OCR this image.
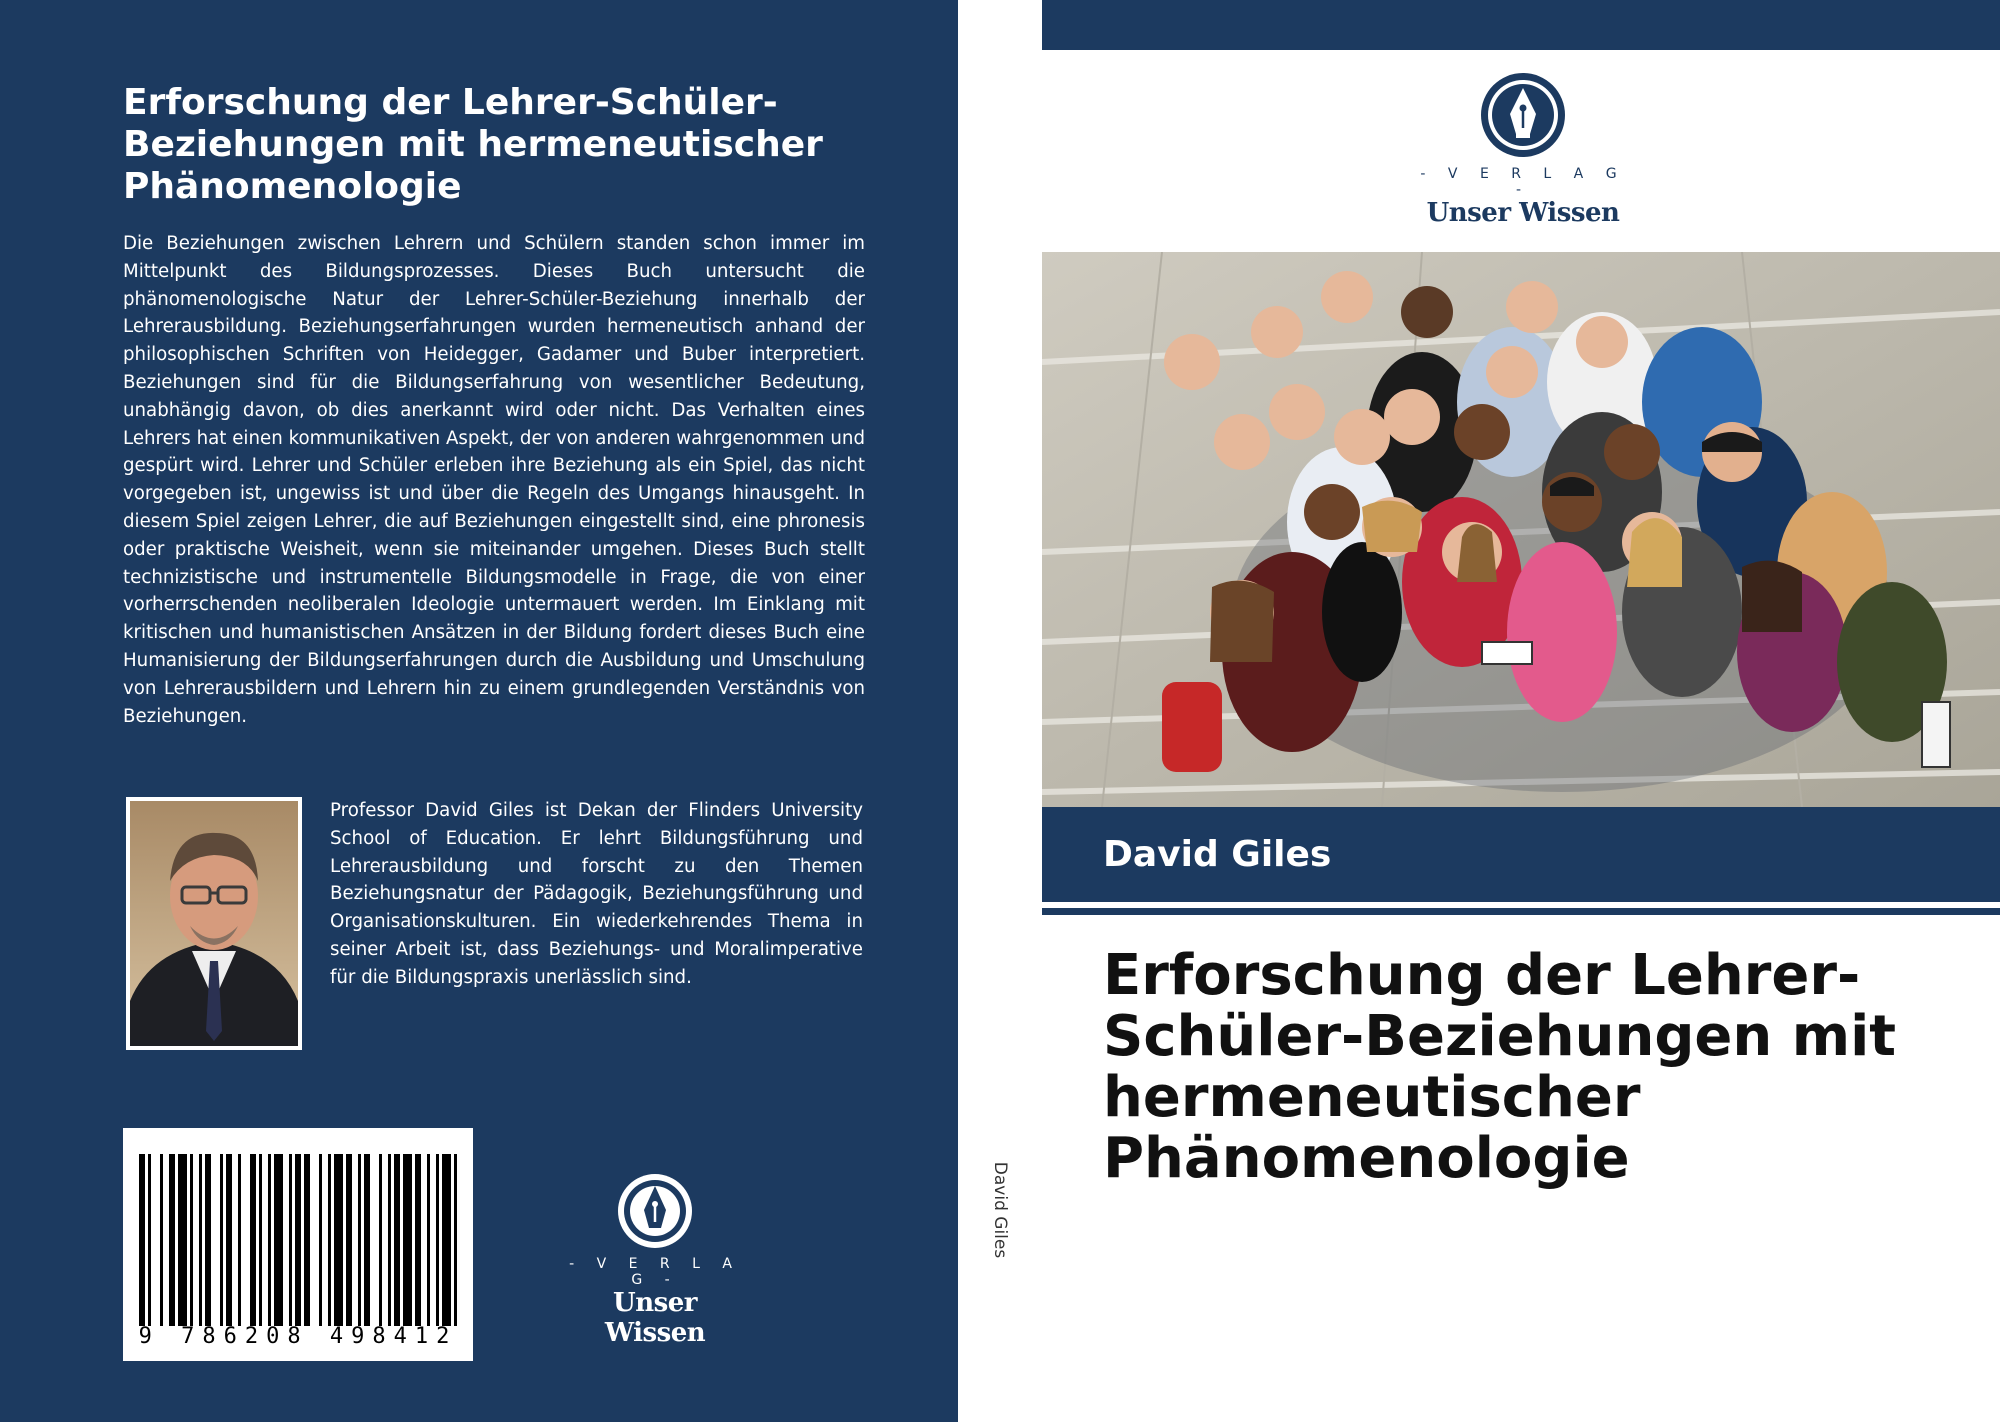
Erforschung der Lehrer-Schüler-Beziehungen mit hermeneutischer Phänomenologie

Die Beziehungen zwischen Lehrern und Schülern standen schon immer im Mittelpunkt des Bildungsprozesses. Dieses Buch untersucht die phänomenologische Natur der Lehrer-Schüler-Beziehung innerhalb der Lehrerausbildung. Beziehungserfahrungen wurden hermeneutisch anhand der philosophischen Schriften von Heidegger, Gadamer und Buber interpretiert. Beziehungen sind für die Bildungserfahrung von wesentlicher Bedeutung, unabhängig davon, ob dies anerkannt wird oder nicht. Das Verhalten eines Lehrers hat einen kommunikativen Aspekt, der von anderen wahrgenommen und gespürt wird. Lehrer und Schüler erleben ihre Beziehung als ein Spiel, das nicht vorgegeben ist, ungewiss ist und über die Regeln des Umgangs hinausgeht. In diesem Spiel zeigen Lehrer, die auf Beziehungen eingestellt sind, eine phronesis oder praktische Weisheit, wenn sie miteinander umgehen. Dieses Buch stellt technizistische und instrumentelle Bildungsmodelle in Frage, die von einer vorherrschenden neoliberalen Ideologie untermauert werden. Im Einklang mit kritischen und humanistischen Ansätzen in der Bildung fordert dieses Buch eine Humanisierung der Bildungserfahrungen durch die Ausbildung und Umschulung von Lehrerausbildern und Lehrern hin zu einem grundlegenden Verständnis von Beziehungen.

Professor David Giles ist Dekan der Flinders University School of Education. Er lehrt Bildungsführung und Lehrerausbildung und forscht zu den Themen Beziehungsnatur der Pädagogik, Beziehungsführung und Organisationskulturen. Ein wiederkehrendes Thema in seiner Arbeit ist, dass Beziehungs- und Moralimperative für die Bildungspraxis unerlässlich sind.

9 786208 498412
- V E R L A G -
Unser Wissen
David Giles
- V E R L A G -
Unser Wissen
David Giles
Erforschung der Lehrer-Schüler-Beziehungen mit hermeneutischer Phänomenologie
